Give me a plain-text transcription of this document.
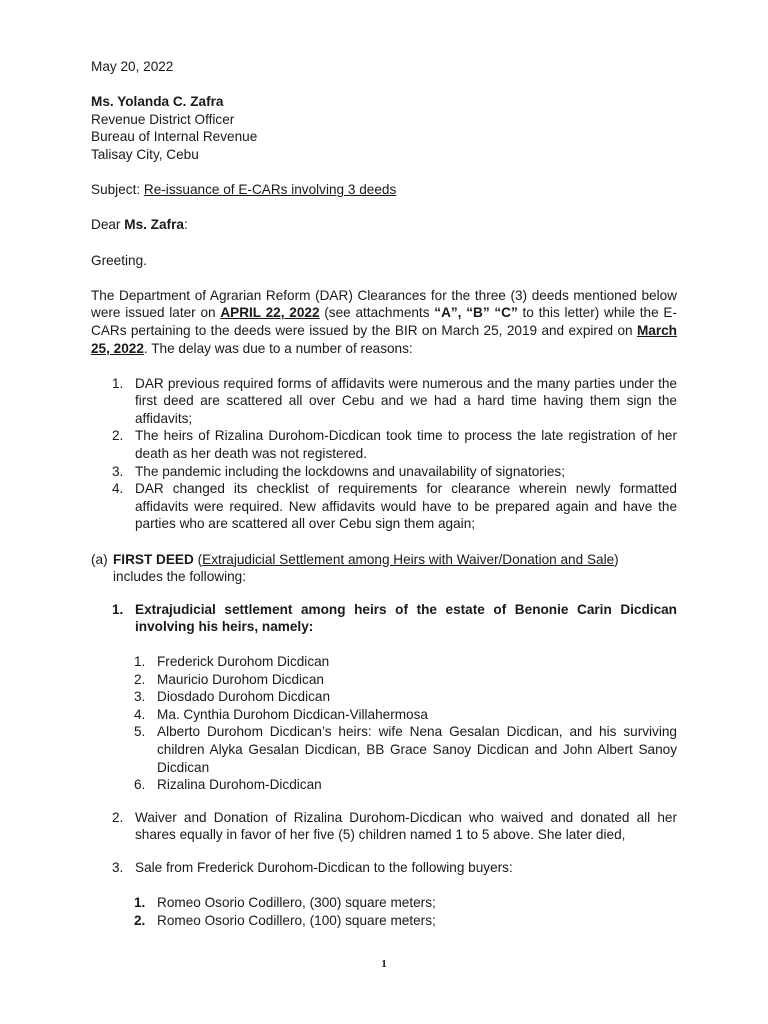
May 20, 2022

Ms. Yolanda C. Zafra

Revenue District Officer

Bureau of Internal Revenue

Talisay City, Cebu

Subject: Re-issuance of E-CARs involving 3 deeds

Dear Ms. Zafra:

Greeting.

The Department of Agrarian Reform (DAR) Clearances for the three (3) deeds mentioned below were issued later on APRIL 22, 2022 (see attachments “A”, “B” “C” to this letter) while the E-CARs pertaining to the deeds were issued by the BIR on March 25, 2019 and expired on March 25, 2022. The delay was due to a number of reasons:

1. DAR previous required forms of affidavits were numerous and the many parties under the first deed are scattered all over Cebu and we had a hard time having them sign the affidavits;
2. The heirs of Rizalina Durohom-Dicdican took time to process the late registration of her death as her death was not registered.
3. The pandemic including the lockdowns and unavailability of signatories;
4. DAR changed its checklist of requirements for clearance wherein newly formatted affidavits were required. New affidavits would have to be prepared again and have the parties who are scattered all over Cebu sign them again;
(a) FIRST DEED (Extrajudicial Settlement among Heirs with Waiver/Donation and Sale)
includes the following:
1. Extrajudicial settlement among heirs of the estate of Benonie Carin Dicdican involving his heirs, namely:
1. Frederick Durohom Dicdican
2. Mauricio Durohom Dicdican
3. Diosdado Durohom Dicdican
4. Ma. Cynthia Durohom Dicdican-Villahermosa
5. Alberto Durohom Dicdican’s heirs: wife Nena Gesalan Dicdican, and his surviving children Alyka Gesalan Dicdican, BB Grace Sanoy Dicdican and John Albert Sanoy Dicdican
6. Rizalina Durohom-Dicdican
2. Waiver and Donation of Rizalina Durohom-Dicdican who waived and donated all her shares equally in favor of her five (5) children named 1 to 5 above. She later died,
3. Sale from Frederick Durohom-Dicdican to the following buyers:
1. Romeo Osorio Codillero, (300) square meters;
2. Romeo Osorio Codillero, (100) square meters;
1
